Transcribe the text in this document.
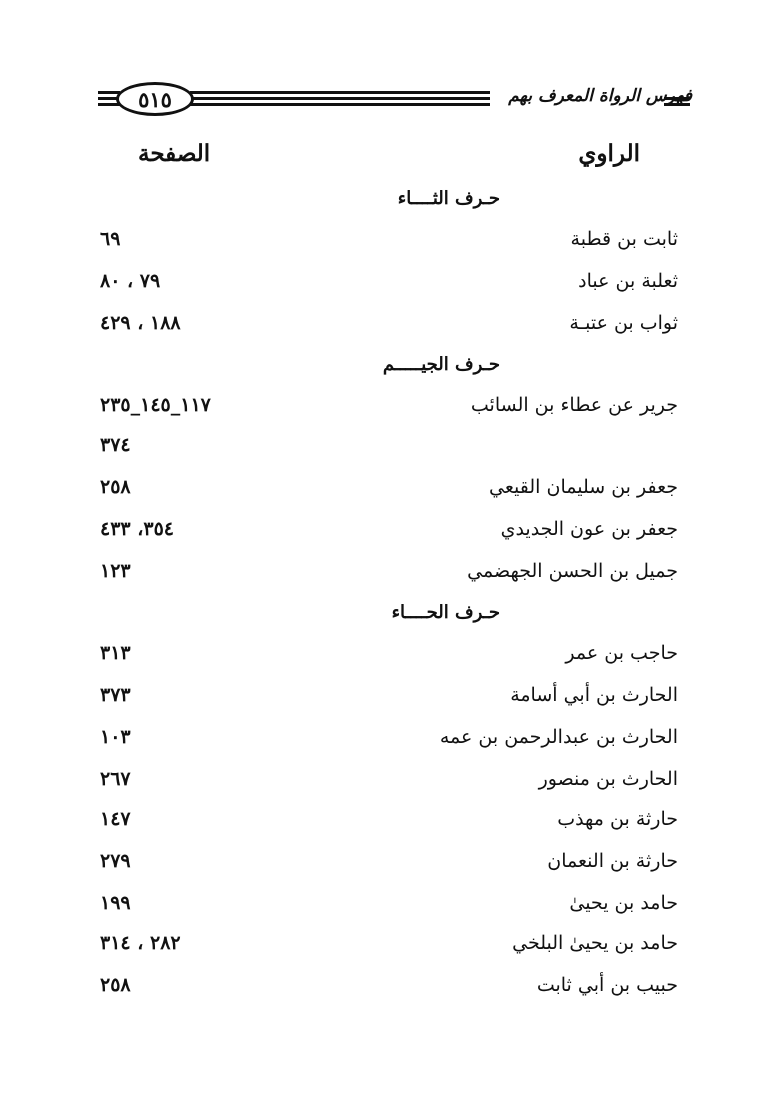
٥١٥	فهرس الرواة المعرف بهم
الراوي
الصفحة
حـرف الثــــاء
ثابت بن قطبة
٦٩
ثعلبة بن عباد
٧٩ ، ٨٠
ثواب بن عتبـة
١٨٨ ، ٤٢٩
حـرف الجيـــــم
جرير عن عطاء بن السائب
١١٧_١٤٥_٢٣٥
٣٧٤
جعفر بن سليمان القيعي
٢٥٨
جعفر بن عون الجديدي
٣٥٤، ٤٣٣
جميل بن الحسن الجهضمي
١٢٣
حـرف الحــــاء
حاجب بن عمر
٣١٣
الحارث بن أبي أسامة
٣٧٣
الحارث بن عبدالرحمن بن عمه
١٠٣
الحارث بن منصور
٢٦٧
حارثة بن مهذب
١٤٧
حارثة بن النعمان
٢٧٩
حامد بن يحيىٰ
١٩٩
حامد بن يحيىٰ البلخي
٢٨٢ ، ٣١٤
حبيب بن أبي ثابت
٢٥٨
